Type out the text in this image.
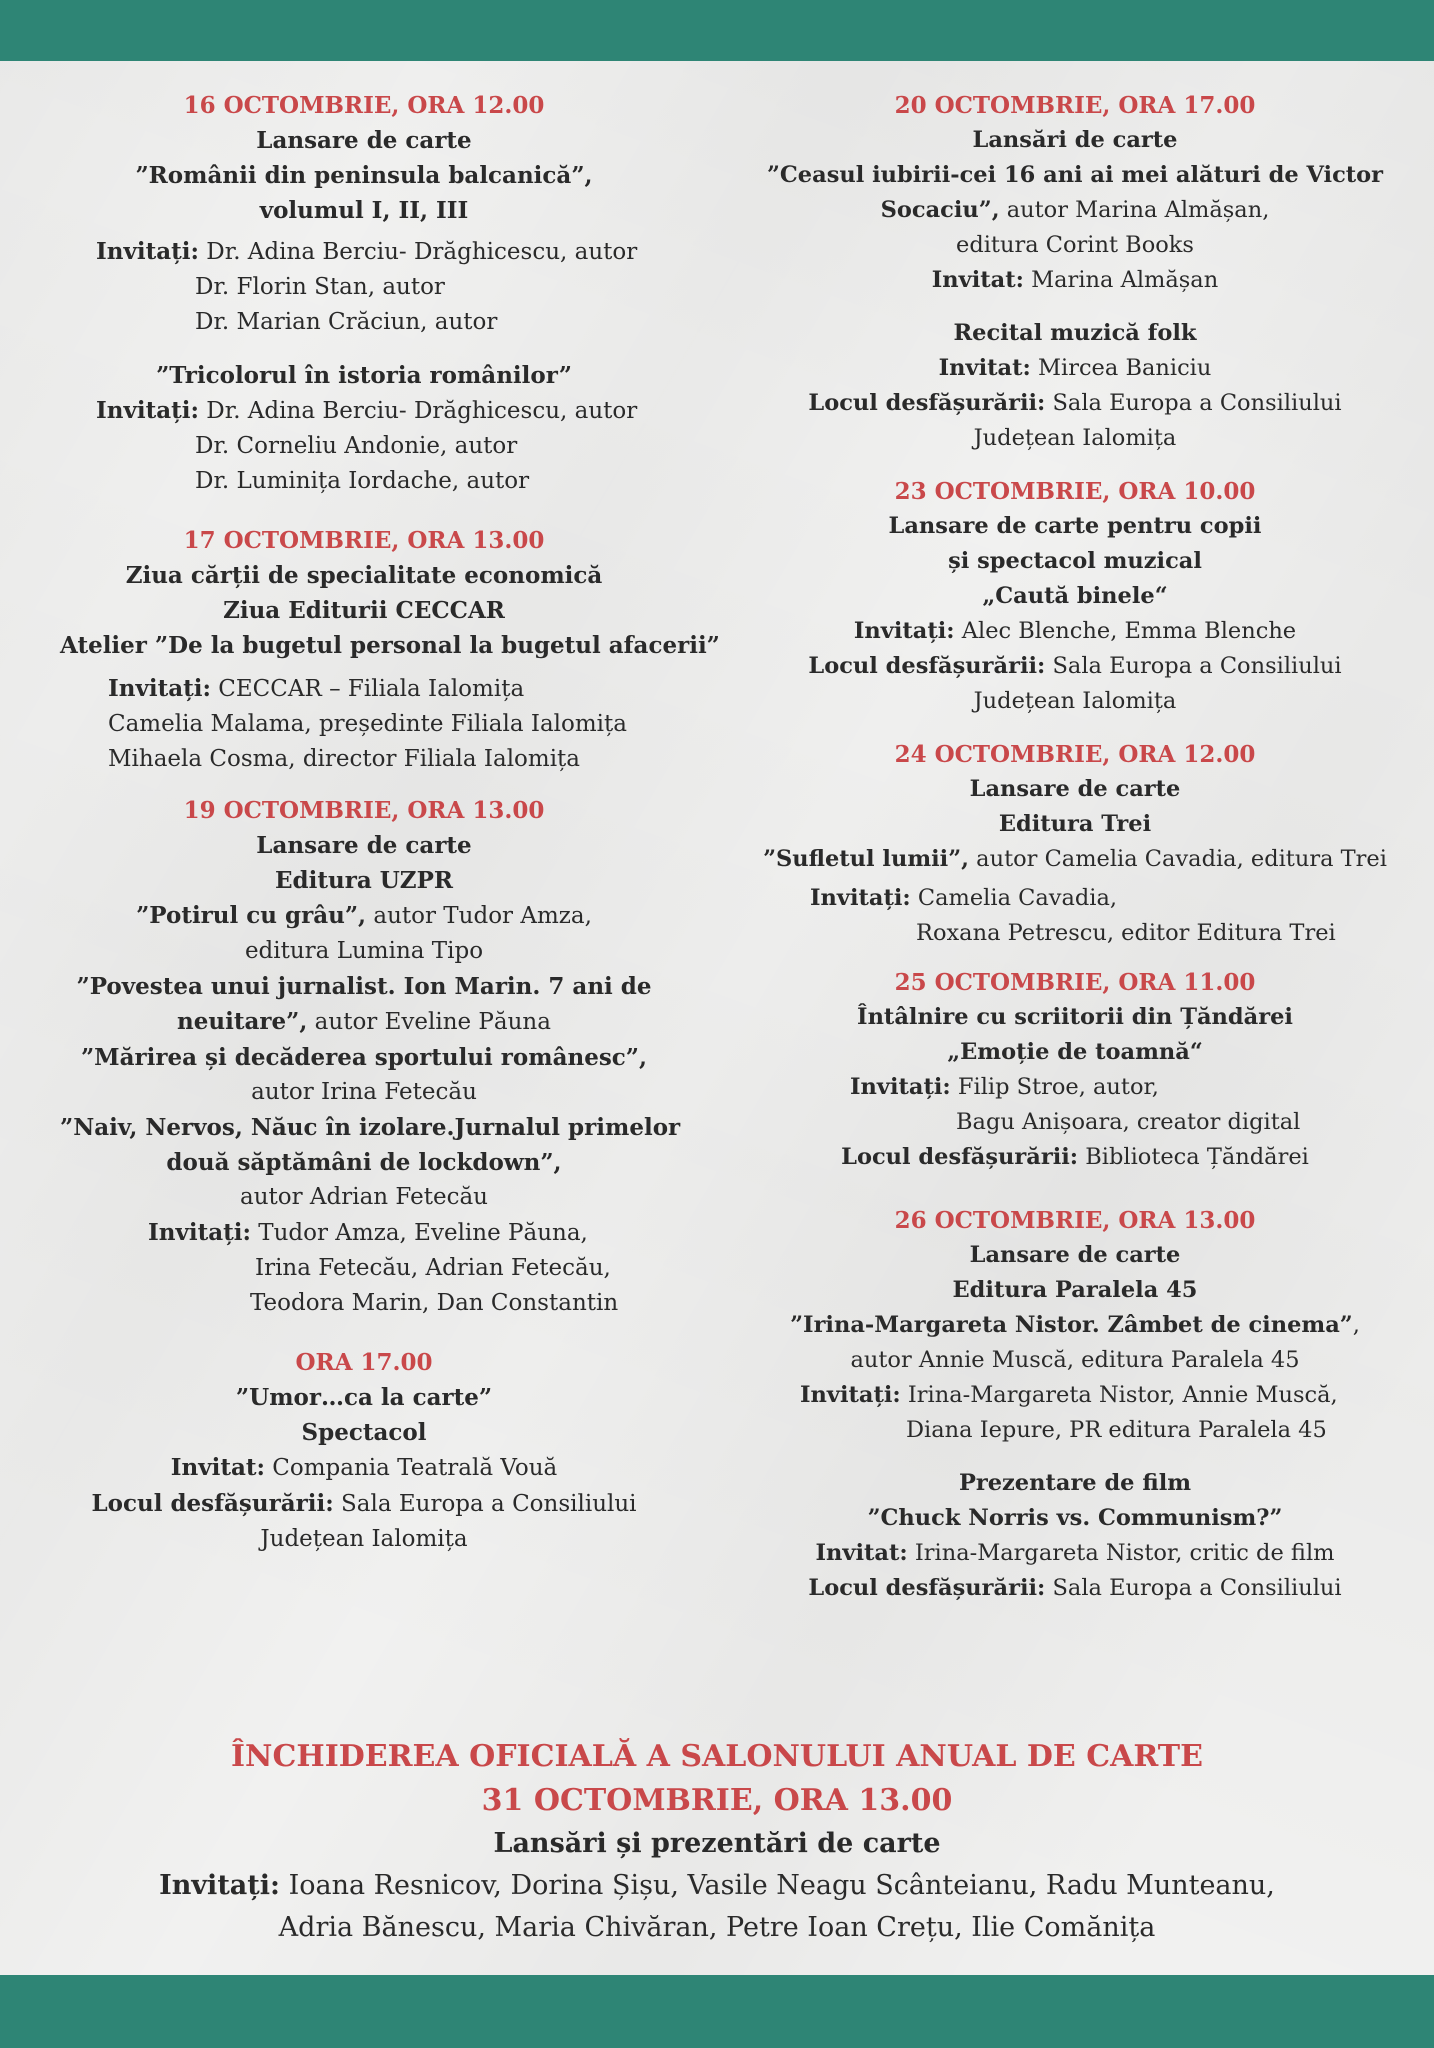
16 OCTOMBRIE, ORA 12.00
Lansare de carte
”Românii din peninsula balcanică”,
volumul I, II, III
Invitați: Dr. Adina Berciu- Drăghicescu, autor
Dr. Florin Stan, autor
Dr. Marian Crăciun, autor
”Tricolorul în istoria românilor”
Invitați: Dr. Adina Berciu- Drăghicescu, autor
Dr. Corneliu Andonie, autor
Dr. Luminița Iordache, autor
17 OCTOMBRIE, ORA 13.00
Ziua cărții de specialitate economică
Ziua Editurii CECCAR
Atelier ”De la bugetul personal la bugetul afacerii”
Invitați: CECCAR – Filiala Ialomița
Camelia Malama, președinte Filiala Ialomița
Mihaela Cosma, director Filiala Ialomița
19 OCTOMBRIE, ORA 13.00
Lansare de carte
Editura UZPR
”Potirul cu grâu”, autor Tudor Amza,
editura Lumina Tipo
”Povestea unui jurnalist. Ion Marin. 7 ani de
neuitare”, autor Eveline Păuna
”Mărirea și decăderea sportului românesc”,
autor Irina Fetecău
”Naiv, Nervos, Năuc în izolare.Jurnalul primelor
două săptămâni de lockdown”,
autor Adrian Fetecău
Invitați: Tudor Amza, Eveline Păuna,
Irina Fetecău, Adrian Fetecău,
Teodora Marin, Dan Constantin
ORA 17.00
”Umor…ca la carte”
Spectacol
Invitat: Compania Teatrală Vouă
Locul desfășurării: Sala Europa a Consiliului
Județean Ialomița
20 OCTOMBRIE, ORA 17.00
Lansări de carte
”Ceasul iubirii-cei 16 ani ai mei alături de Victor
Socaciu”, autor Marina Almășan,
editura Corint Books
Invitat: Marina Almășan
Recital muzică folk
Invitat: Mircea Baniciu
Locul desfășurării: Sala Europa a Consiliului
Județean Ialomița
23 OCTOMBRIE, ORA 10.00
Lansare de carte pentru copii
și spectacol muzical
„Caută binele“
Invitați: Alec Blenche, Emma Blenche
Locul desfășurării: Sala Europa a Consiliului
Județean Ialomița
24 OCTOMBRIE, ORA 12.00
Lansare de carte
Editura Trei
”Sufletul lumii”, autor Camelia Cavadia, editura Trei
Invitați: Camelia Cavadia,
Roxana Petrescu, editor Editura Trei
25 OCTOMBRIE, ORA 11.00
Întâlnire cu scriitorii din Țăndărei
„Emoție de toamnă“
Invitați: Filip Stroe, autor,
Bagu Anișoara, creator digital
Locul desfășurării: Biblioteca Țăndărei
26 OCTOMBRIE, ORA 13.00
Lansare de carte
Editura Paralela 45
”Irina-Margareta Nistor. Zâmbet de cinema”,
autor Annie Muscă, editura Paralela 45
Invitați: Irina-Margareta Nistor, Annie Muscă,
Diana Iepure, PR editura Paralela 45
Prezentare de film
”Chuck Norris vs. Communism?”
Invitat: Irina-Margareta Nistor, critic de film
Locul desfășurării: Sala Europa a Consiliului
ÎNCHIDEREA OFICIALĂ A SALONULUI ANUAL DE CARTE
31 OCTOMBRIE, ORA 13.00
Lansări și prezentări de carte
Invitați: Ioana Resnicov, Dorina Șișu, Vasile Neagu Scânteianu, Radu Munteanu,
Adria Bănescu, Maria Chivăran, Petre Ioan Crețu, Ilie Comănița
